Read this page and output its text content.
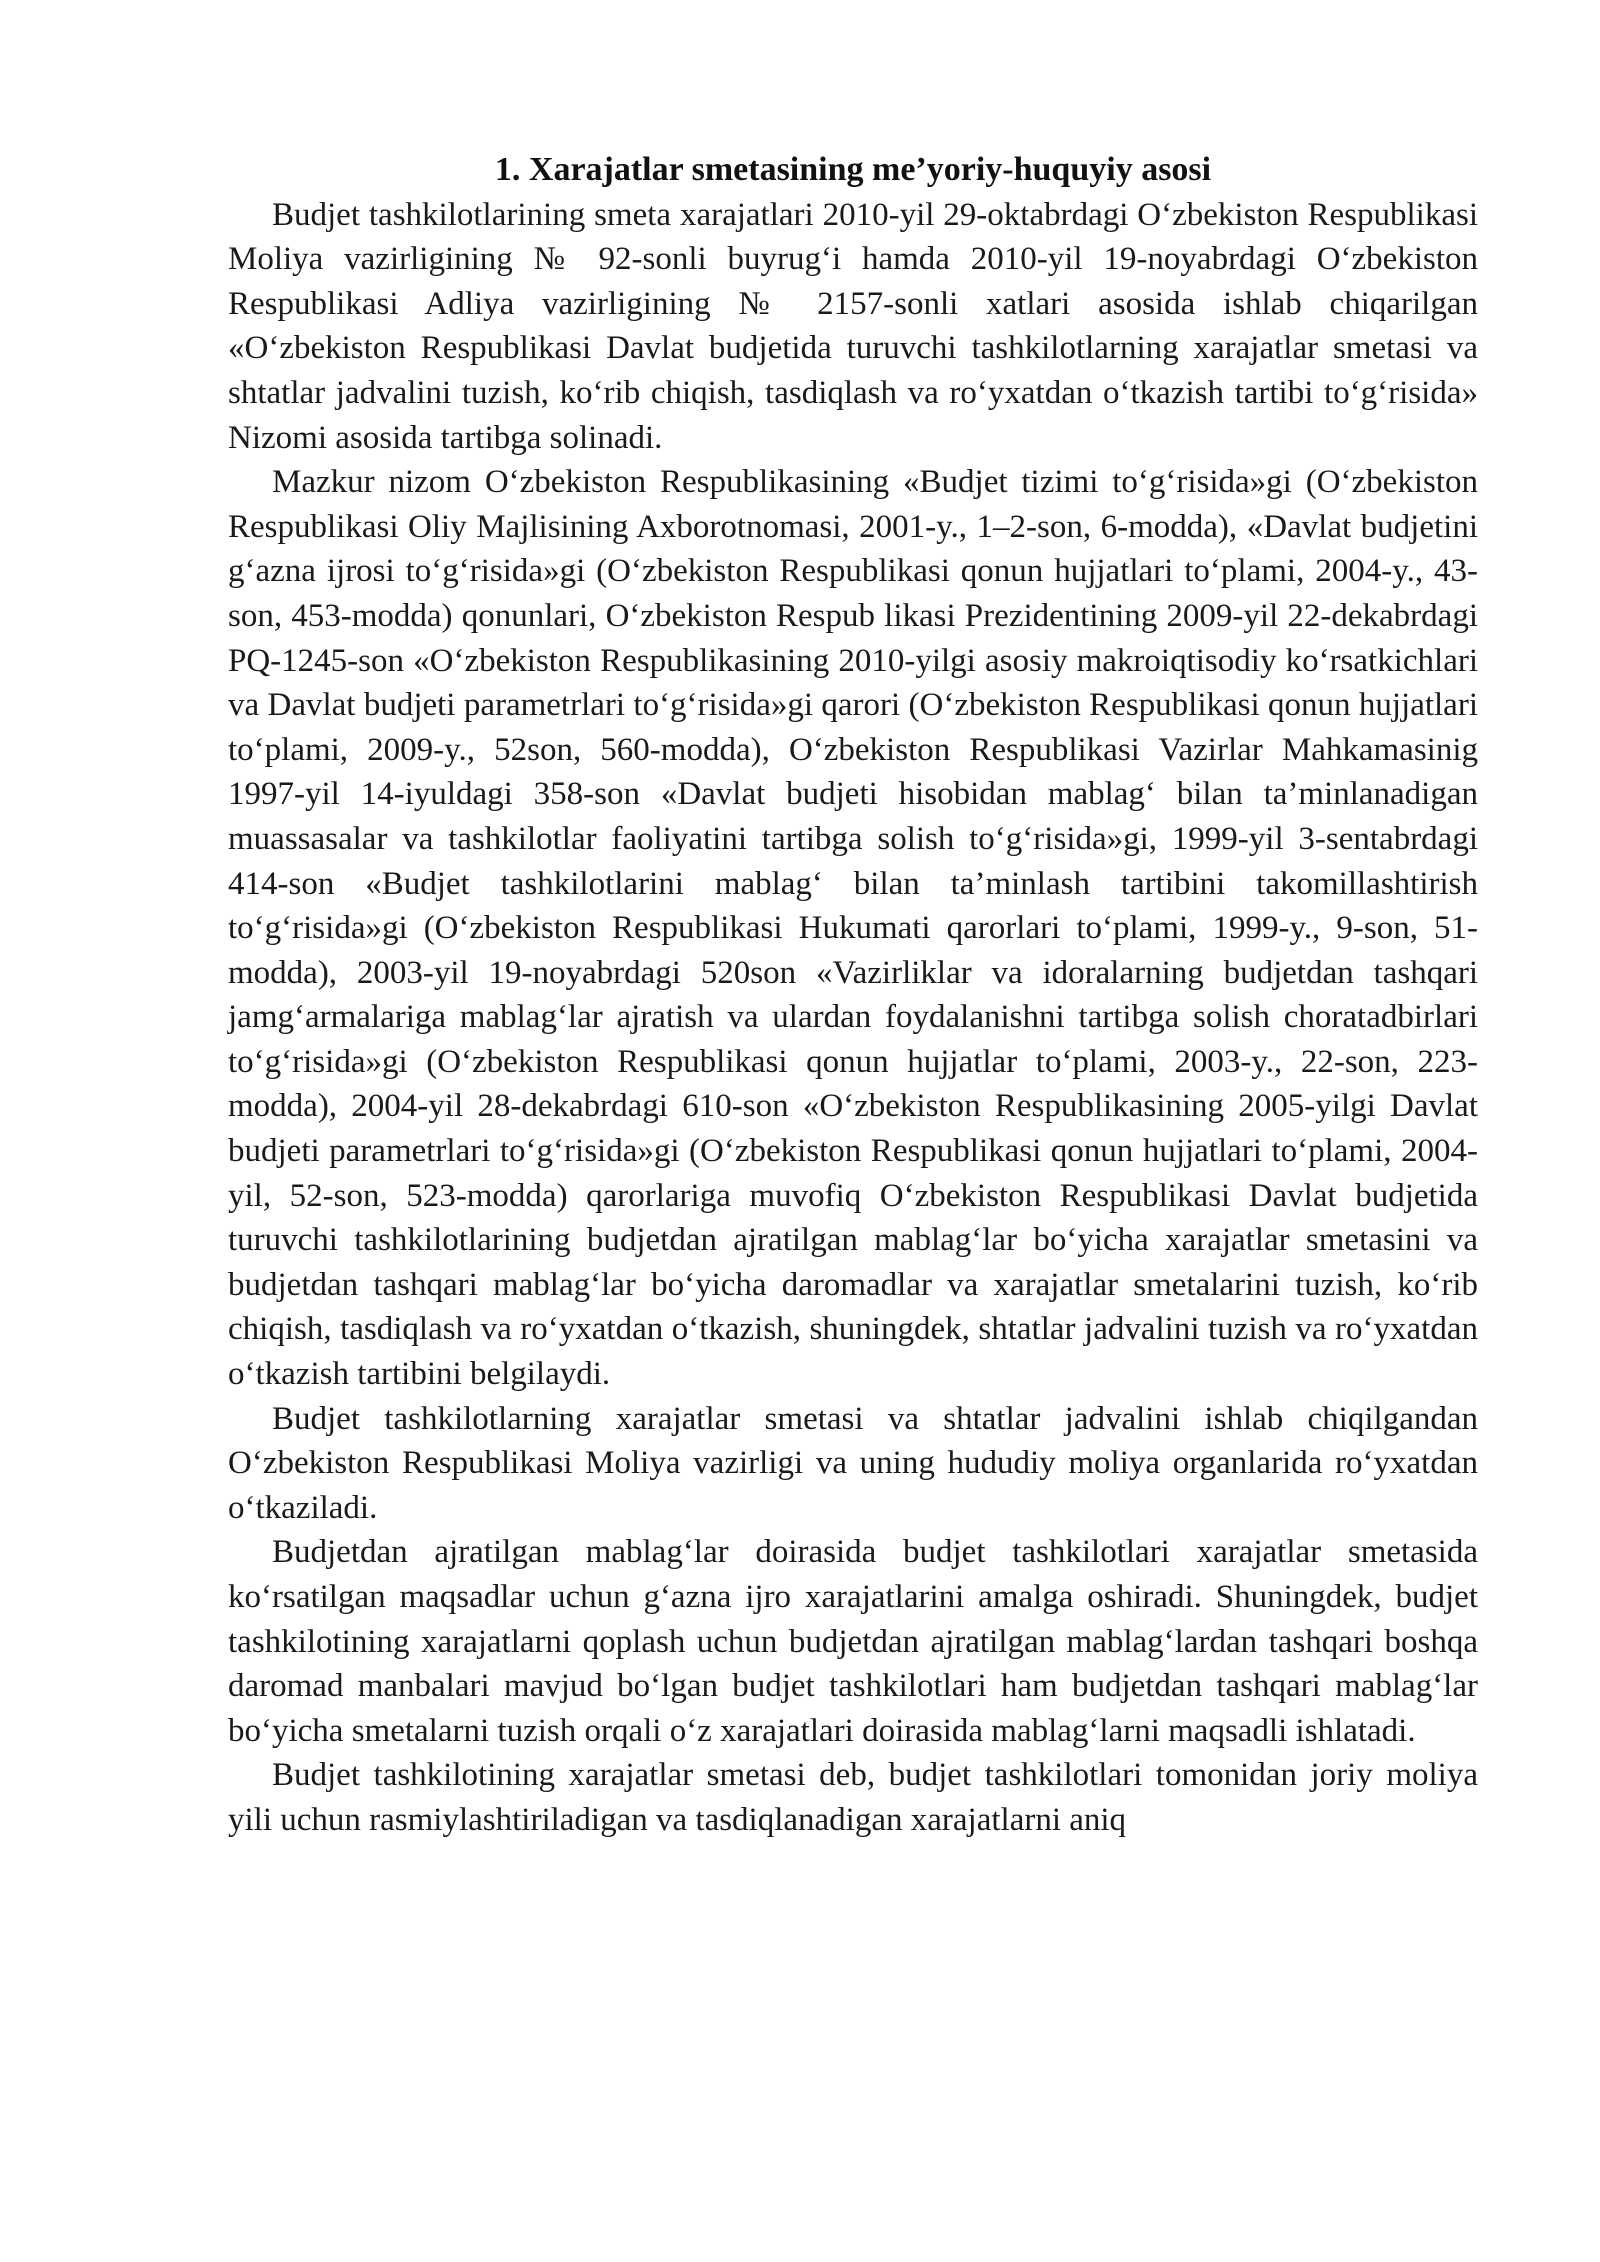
1. Xarajatlar smetasining me’yoriy-huquyiy asosi

Budjet tashkilotlarining smeta xarajatlari 2010-yil 29-oktabrdagi O‘zbekiston Respublikasi Moliya vazirligining № 92-sonli buyrug‘i hamda 2010-yil 19-noyabrdagi O‘zbekiston Respublikasi Adliya vazirligining № 2157-sonli xatlari asosida ishlab chiqarilgan «O‘zbekiston Respublikasi Davlat budjetida turuvchi tashkilotlarning xarajatlar smetasi va shtatlar jadvalini tuzish, ko‘rib chiqish, tasdiqlash va ro‘yxatdan o‘tkazish tartibi to‘g‘risida» Nizomi asosida tartibga solinadi.

Mazkur nizom O‘zbekiston Respublikasining «Budjet tizimi to‘g‘risida»gi (O‘zbekiston Respublikasi Oliy Majlisining Axborotnomasi, 2001-y., 1–2-son, 6-modda), «Davlat budjetini g‘azna ijrosi to‘g‘risida»gi (O‘zbekiston Respublikasi qonun hujjatlari to‘plami, 2004-y., 43-son, 453-modda) qonunlari, O‘zbekiston Respub likasi Prezidentining 2009-yil 22-dekabrdagi PQ-1245-son «O‘zbekiston Respublikasining 2010-yilgi asosiy makroiqtisodiy ko‘rsatkichlari va Davlat budjeti parametrlari to‘g‘risida»gi qarori (O‘zbekiston Respublikasi qonun hujjatlari to‘plami, 2009-y., 52son, 560-modda), O‘zbekiston Respublikasi Vazirlar Mahkamasinig 1997-yil 14-iyuldagi 358-son «Davlat budjeti hisobidan mablag‘ bilan ta’minlanadigan muassasalar va tashkilotlar faoliyatini tartibga solish to‘g‘risida»gi, 1999-yil 3-sentabrdagi 414-son «Budjet tashkilotlarini mablag‘ bilan ta’minlash tartibini takomillashtirish to‘g‘risida»gi (O‘zbekiston Respublikasi Hukumati qarorlari to‘plami, 1999-y., 9-son, 51-modda), 2003-yil 19-noyabrdagi 520son «Vazirliklar va idoralarning budjetdan tashqari jamg‘armalariga mablag‘lar ajratish va ulardan foydalanishni tartibga solish choratadbirlari to‘g‘risida»gi (O‘zbekiston Respublikasi qonun hujjatlar to‘plami, 2003-y., 22-son, 223-modda), 2004-yil 28-dekabrdagi 610-son «O‘zbekiston Respublikasining 2005-yilgi Davlat budjeti parametrlari to‘g‘risida»gi (O‘zbekiston Respublikasi qonun hujjatlari to‘plami, 2004-yil, 52-son, 523-modda) qarorlariga muvofiq O‘zbekiston Respublikasi Davlat budjetida turuvchi tashkilotlarining budjetdan ajratilgan mablag‘lar bo‘yicha xarajatlar smetasini va budjetdan tashqari mablag‘lar bo‘yicha daromadlar va xarajatlar smetalarini tuzish, ko‘rib chiqish, tasdiqlash va ro‘yxatdan o‘tkazish, shuningdek, shtatlar jadvalini tuzish va ro‘yxatdan o‘tkazish tartibini belgilaydi.

Budjet tashkilotlarning xarajatlar smetasi va shtatlar jadvalini ishlab chiqilgandan O‘zbekiston Respublikasi Moliya vazirligi va uning hududiy moliya organlarida ro‘yxatdan o‘tkaziladi.

Budjetdan ajratilgan mablag‘lar doirasida budjet tashkilotlari xarajatlar smetasida ko‘rsatilgan maqsadlar uchun g‘azna ijro xarajatlarini amalga oshiradi. Shuningdek, budjet tashkilotining xarajatlarni qoplash uchun budjetdan ajratilgan mablag‘lardan tashqari boshqa daromad manbalari mavjud bo‘lgan budjet tashkilotlari ham budjetdan tashqari mablag‘lar bo‘yicha smetalarni tuzish orqali o‘z xarajatlari doirasida mablag‘larni maqsadli ishlatadi.

Budjet tashkilotining xarajatlar smetasi deb, budjet tashkilotlari tomonidan joriy moliya yili uchun rasmiylashtiriladigan va tasdiqlanadigan xarajatlarni aniq
